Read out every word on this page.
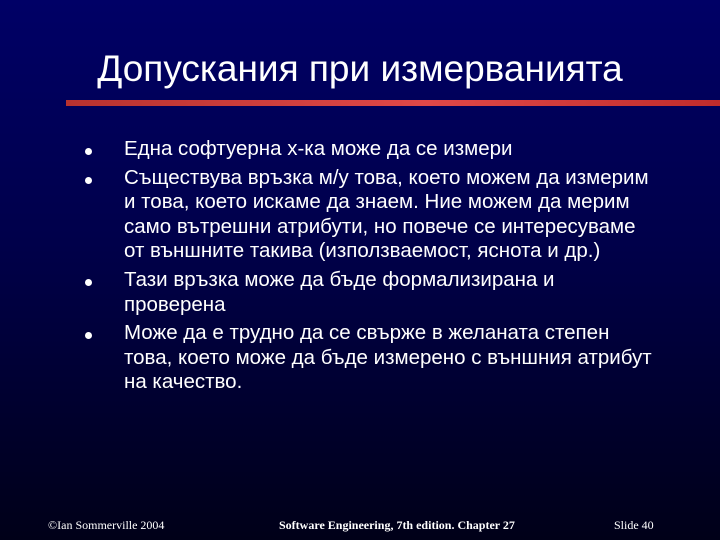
Допускания при измерванията
Една софтуерна х-ка може да се измери
Съществува връзка м/у това, което можем да измерим и това, което искаме да знаем. Ние можем да мерим само вътрешни атрибути, но повече се интересуваме от външните такива (използваемост, яснота и др.)
Тази връзка може да бъде формализирана и проверена
Може да е трудно да се свърже в желаната степен това, което може да бъде измерено с външния атрибут на качество.
©Ian Sommerville 2004	Software Engineering, 7th edition. Chapter 27	Slide 40
